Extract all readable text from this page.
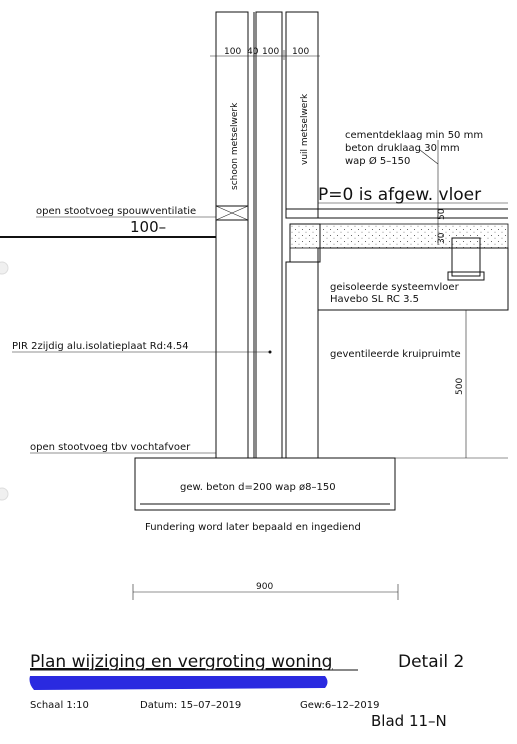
100 40 100 100
schoon metselwerk	vuil metselwerk	cementdeklaag min 50 mm
beton druklaag 30 mm
wap Ø 5–150
P=0 is afgew. vloer
50
30
geisoleerde systeemvloer
Havebo SL RC 3.5
open stootvoeg spouwventilatie
100–
PIR 2zijdig alu.isolatieplaat Rd:4.54
geventileerde kruipruimte
500
open stootvoeg tbv vochtafvoer
gew. beton d=200 wap ø8–150
Fundering word later bepaald en ingediend
900
Plan wijziging en vergroting woning	Detail 2
Schaal 1:10	Datum: 15–07–2019	Gew:6–12–2019
Blad 11–N
